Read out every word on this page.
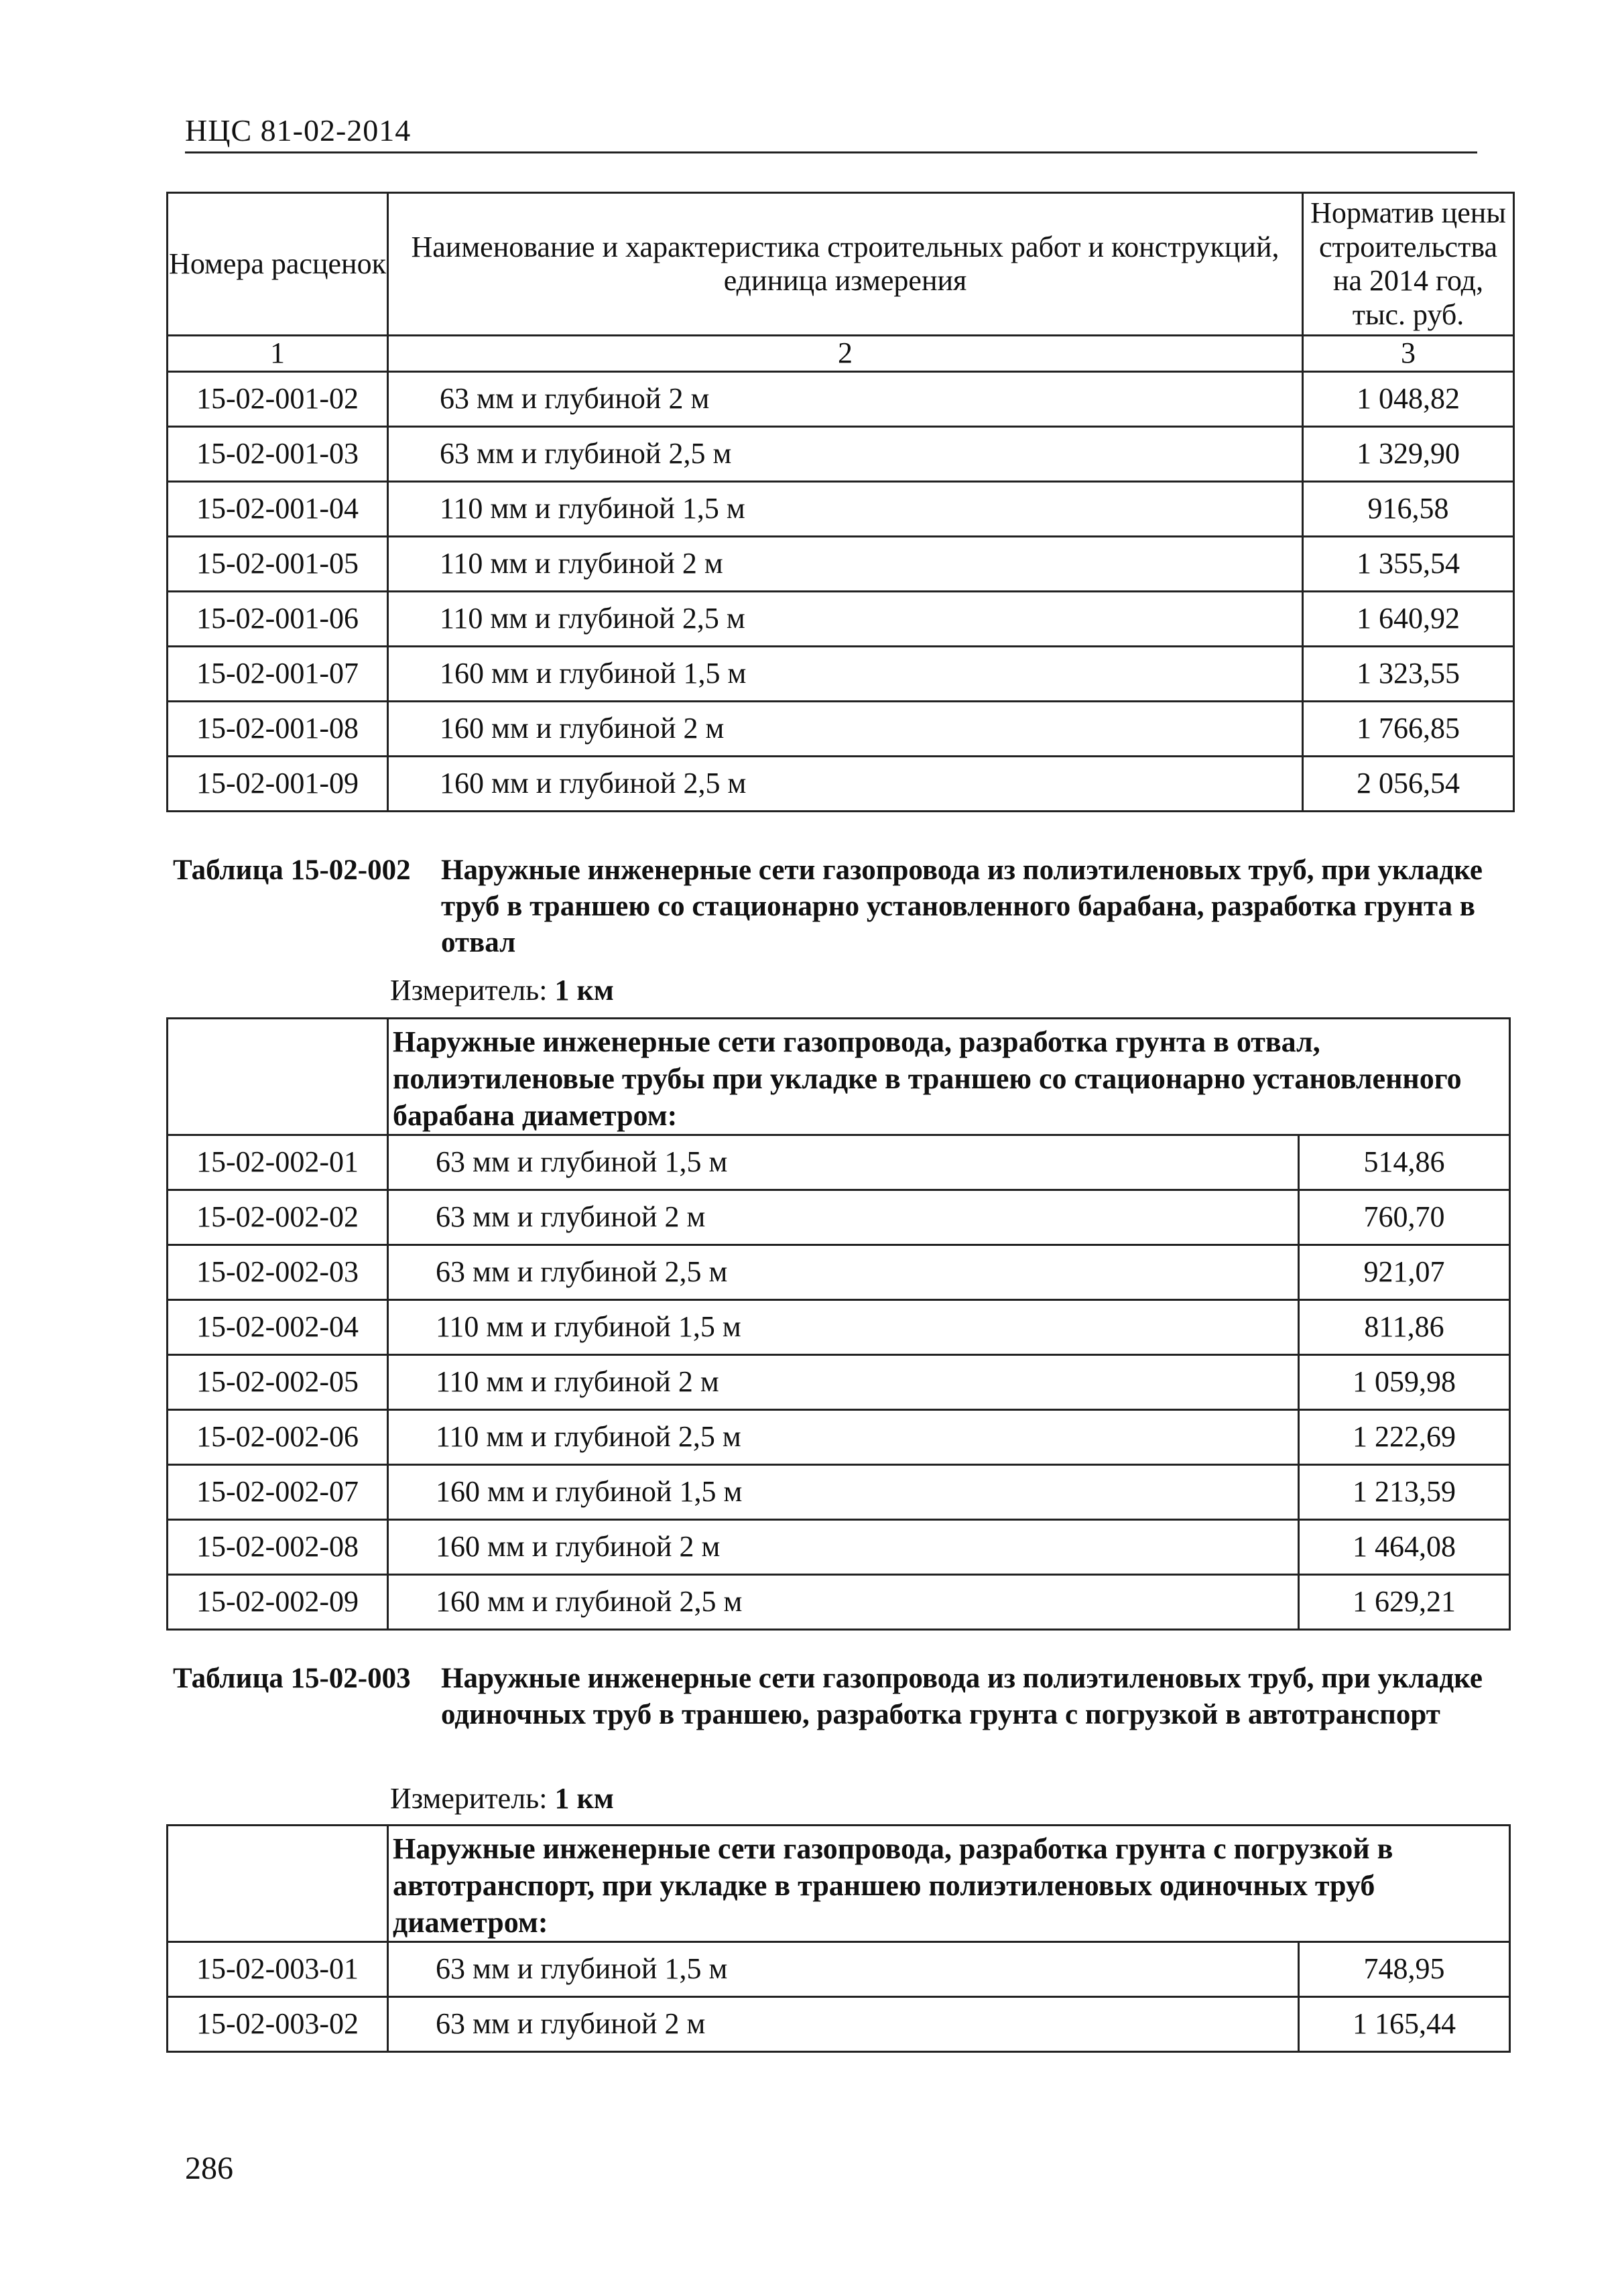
НЦС 81-02-2014
Номера расценок	Наименование и характеристика строительных работ и конструкций, единица измерения	Норматив цены строительства на 2014 год, тыс. руб.
1	2	3
15-02-001-02	63 мм и глубиной 2 м	1 048,82
15-02-001-03	63 мм и глубиной 2,5 м	1 329,90
15-02-001-04	110 мм и глубиной 1,5 м	916,58
15-02-001-05	110 мм и глубиной 2 м	1 355,54
15-02-001-06	110 мм и глубиной 2,5 м	1 640,92
15-02-001-07	160 мм и глубиной 1,5 м	1 323,55
15-02-001-08	160 мм и глубиной 2 м	1 766,85
15-02-001-09	160 мм и глубиной 2,5 м	2 056,54
Таблица 15-02-002 Наружные инженерные сети газопровода из полиэтиленовых труб, при укладке труб в траншею со стационарно установленного барабана, разработка грунта в отвал
Измеритель: 1 км
	Наружные инженерные сети газопровода, разработка грунта в отвал, полиэтиленовые трубы при укладке в траншею со стационарно установленного барабана диаметром:	
15-02-002-01	63 мм и глубиной 1,5 м	514,86
15-02-002-02	63 мм и глубиной 2 м	760,70
15-02-002-03	63 мм и глубиной 2,5 м	921,07
15-02-002-04	110 мм и глубиной 1,5 м	811,86
15-02-002-05	110 мм и глубиной 2 м	1 059,98
15-02-002-06	110 мм и глубиной 2,5 м	1 222,69
15-02-002-07	160 мм и глубиной 1,5 м	1 213,59
15-02-002-08	160 мм и глубиной 2 м	1 464,08
15-02-002-09	160 мм и глубиной 2,5 м	1 629,21
Таблица 15-02-003 Наружные инженерные сети газопровода из полиэтиленовых труб, при укладке одиночных труб в траншею, разработка грунта с погрузкой в автотранспорт
Измеритель: 1 км
	Наружные инженерные сети газопровода, разработка грунта с погрузкой в автотранспорт, при укладке в траншею полиэтиленовых одиночных труб диаметром:	
15-02-003-01	63 мм и глубиной 1,5 м	748,95
15-02-003-02	63 мм и глубиной 2 м	1 165,44
286
